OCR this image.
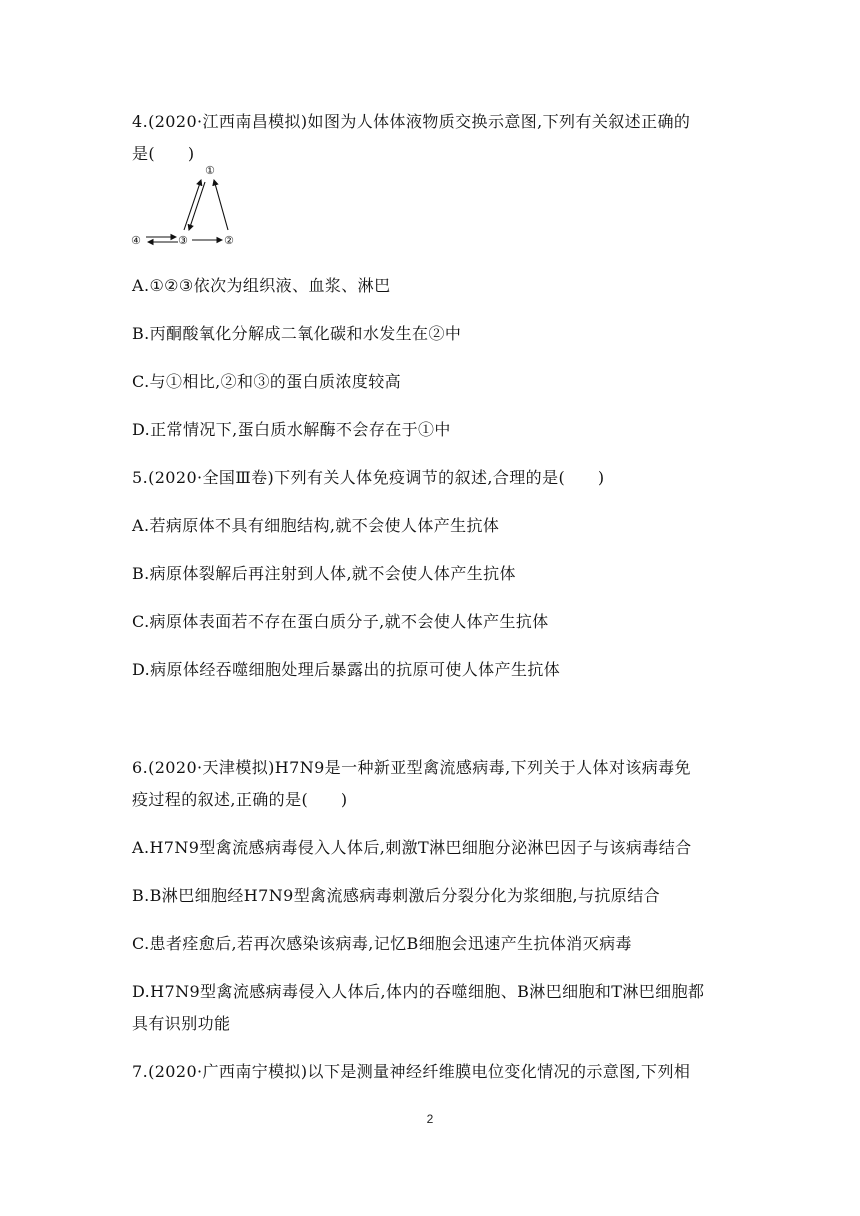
4.(2020·江西南昌模拟)如图为人体体液物质交换示意图,下列有关叙述正确的
是(　　)
①
②
③
④
A.①②③依次为组织液、血浆、淋巴
B.丙酮酸氧化分解成二氧化碳和水发生在②中
C.与①相比,②和③的蛋白质浓度较高
D.正常情况下,蛋白质水解酶不会存在于①中
5.(2020·全国Ⅲ卷)下列有关人体免疫调节的叙述,合理的是(　　)
A.若病原体不具有细胞结构,就不会使人体产生抗体
B.病原体裂解后再注射到人体,就不会使人体产生抗体
C.病原体表面若不存在蛋白质分子,就不会使人体产生抗体
D.病原体经吞噬细胞处理后暴露出的抗原可使人体产生抗体
6.(2020·天津模拟)H7N9是一种新亚型禽流感病毒,下列关于人体对该病毒免
疫过程的叙述,正确的是(　　)
A.H7N9型禽流感病毒侵入人体后,刺激T淋巴细胞分泌淋巴因子与该病毒结合
B.B淋巴细胞经H7N9型禽流感病毒刺激后分裂分化为浆细胞,与抗原结合
C.患者痊愈后,若再次感染该病毒,记忆B细胞会迅速产生抗体消灭病毒
D.H7N9型禽流感病毒侵入人体后,体内的吞噬细胞、B淋巴细胞和T淋巴细胞都
具有识别功能
7.(2020·广西南宁模拟)以下是测量神经纤维膜电位变化情况的示意图,下列相
2
